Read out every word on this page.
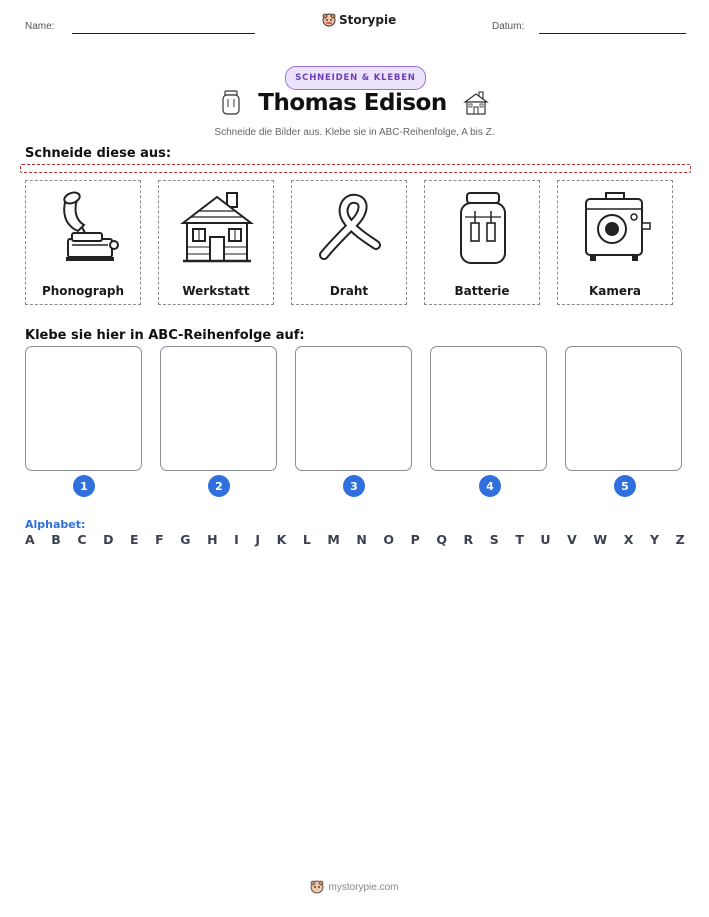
Name:	Storypie	Datum:
SCHNEIDEN & KLEBEN
Thomas Edison
Schneide die Bilder aus. Klebe sie in ABC-Reihenfolge, A bis Z.
Schneide diese aus:
Phonograph	Werkstatt	Draht	Batterie	Kamera
Klebe sie hier in ABC-Reihenfolge auf:
1	2	3	4	5
Alphabet:
A B C D E F G H I J K L M N O P Q R S T U V W X Y Z
mystorypie.com
